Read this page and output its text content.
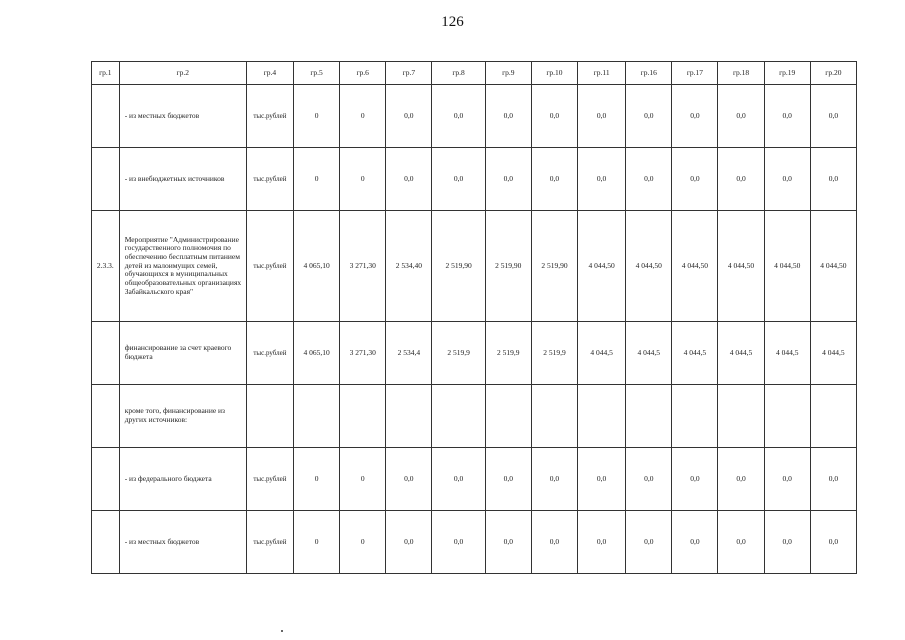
126
гр.1	гр.2	гр.4	гр.5	гр.6	гр.7	гр.8	гр.9	гр.10	гр.11	гр.16	гр.17	гр.18	гр.19	гр.20
	- из местных бюджетов	тыс.рублей	0	0	0,0	0,0	0,0	0,0	0,0	0,0	0,0	0,0	0,0	0,0
	- из внебюджетных источников	тыс.рублей	0	0	0,0	0,0	0,0	0,0	0,0	0,0	0,0	0,0	0,0	0,0
2.3.3.	Мероприятие "Администрирование государственного полномочия по обеспечению бесплатным питанием детей из малоимущих семей, обучающихся в муниципальных общеобразовательных организациях Забайкальского края"	тыс.рублей	4 065,10	3 271,30	2 534,40	2 519,90	2 519,90	2 519,90	4 044,50	4 044,50	4 044,50	4 044,50	4 044,50	4 044,50
	финансирование за счет краевого бюджета	тыс.рублей	4 065,10	3 271,30	2 534,4	2 519,9	2 519,9	2 519,9	4 044,5	4 044,5	4 044,5	4 044,5	4 044,5	4 044,5
	кроме того, финансирование из других источников:													
	- из федерального бюджета	тыс.рублей	0	0	0,0	0,0	0,0	0,0	0,0	0,0	0,0	0,0	0,0	0,0
	- из местных бюджетов	тыс.рублей	0	0	0,0	0,0	0,0	0,0	0,0	0,0	0,0	0,0	0,0	0,0
